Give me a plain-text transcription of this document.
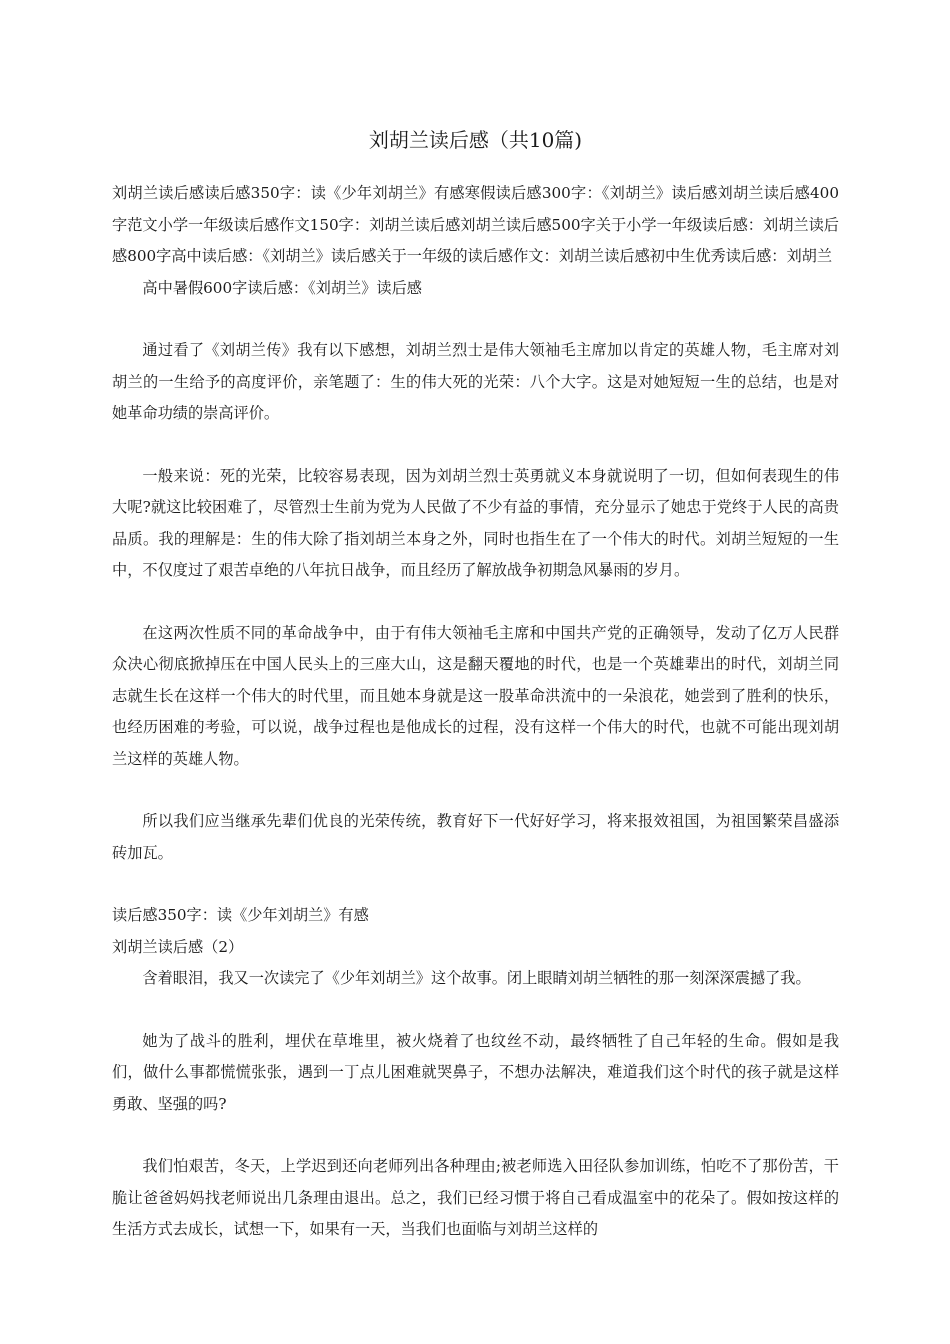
刘胡兰读后感（共10篇)

刘胡兰读后感读后感350字：读《少年刘胡兰》有感寒假读后感300字：《刘胡兰》读后感刘胡兰读后感400字范文小学一年级读后感作文150字：刘胡兰读后感刘胡兰读后感500字关于小学一年级读后感：刘胡兰读后感800字高中读后感：《刘胡兰》读后感关于一年级的读后感作文：刘胡兰读后感初中生优秀读后感：刘胡兰

高中暑假600字读后感：《刘胡兰》读后感

通过看了《刘胡兰传》我有以下感想，刘胡兰烈士是伟大领袖毛主席加以肯定的英雄人物，毛主席对刘胡兰的一生给予的高度评价，亲笔题了：生的伟大死的光荣：八个大字。这是对她短短一生的总结，也是对她革命功绩的崇高评价。

一般来说：死的光荣，比较容易表现，因为刘胡兰烈士英勇就义本身就说明了一切，但如何表现生的伟大呢?就这比较困难了，尽管烈士生前为党为人民做了不少有益的事情，充分显示了她忠于党终于人民的高贵品质。我的理解是：生的伟大除了指刘胡兰本身之外，同时也指生在了一个伟大的时代。刘胡兰短短的一生中，不仅度过了艰苦卓绝的八年抗日战争，而且经历了解放战争初期急风暴雨的岁月。

在这两次性质不同的革命战争中，由于有伟大领袖毛主席和中国共产党的正确领导，发动了亿万人民群众决心彻底掀掉压在中国人民头上的三座大山，这是翻天覆地的时代，也是一个英雄辈出的时代，刘胡兰同志就生长在这样一个伟大的时代里，而且她本身就是这一股革命洪流中的一朵浪花，她尝到了胜利的快乐，也经历困难的考验，可以说，战争过程也是他成长的过程，没有这样一个伟大的时代，也就不可能出现刘胡兰这样的英雄人物。

所以我们应当继承先辈们优良的光荣传统，教育好下一代好好学习，将来报效祖国，为祖国繁荣昌盛添砖加瓦。

读后感350字：读《少年刘胡兰》有感

刘胡兰读后感（2）

含着眼泪，我又一次读完了《少年刘胡兰》这个故事。闭上眼睛刘胡兰牺牲的那一刻深深震撼了我。

她为了战斗的胜利，埋伏在草堆里，被火烧着了也纹丝不动，最终牺牲了自己年轻的生命。假如是我们，做什么事都慌慌张张，遇到一丁点儿困难就哭鼻子，不想办法解决，难道我们这个时代的孩子就是这样勇敢、坚强的吗?

我们怕艰苦，冬天，上学迟到还向老师列出各种理由;被老师选入田径队参加训练，怕吃不了那份苦，干脆让爸爸妈妈找老师说出几条理由退出。总之，我们已经习惯于将自己看成温室中的花朵了。假如按这样的生活方式去成长，试想一下，如果有一天，当我们也面临与刘胡兰这样的
